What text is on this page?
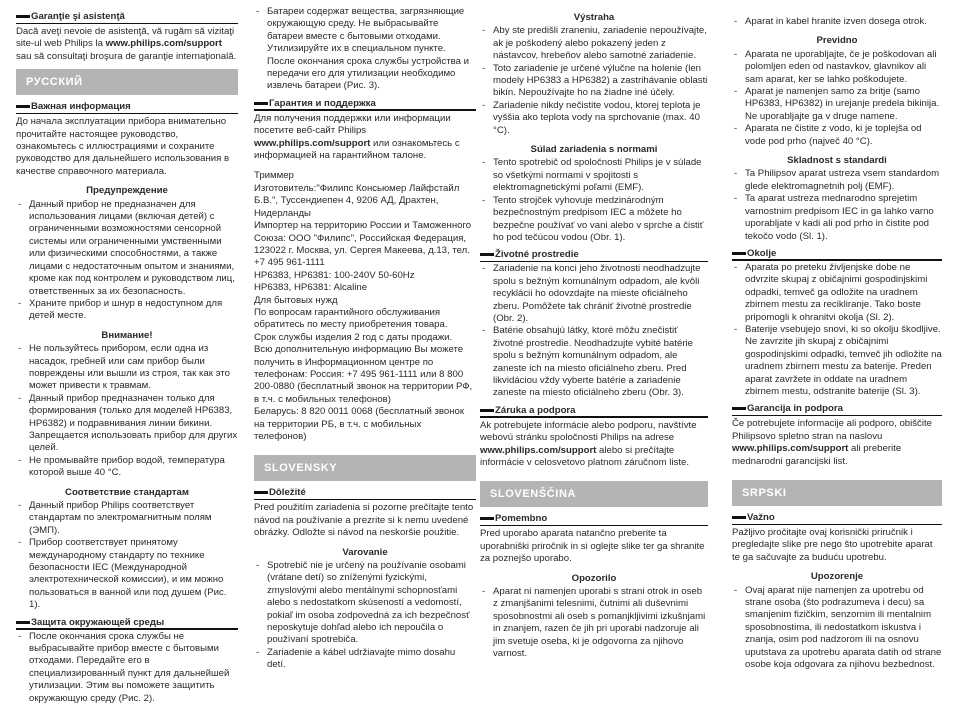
Garanţie şi asistenţă
Dacă aveţi nevoie de asistenţă, vă rugăm să vizitaţi site-ul web Philips la www.philips.com/support sau să consultaţi broşura de garanţie internaţională.
РУССКИЙ
Важная информация
До начала эксплуатации прибора внимательно прочитайте настоящее руководство, ознакомьтесь с иллюстрациями и сохраните руководство для дальнейшего использования в качестве справочного материала.
Предупреждение
- Данный прибор не предназначен для использования лицами (включая детей) с ограниченными возможностями сенсорной системы или ограниченными умственными или физическими способностями, а также лицами с недостаточным опытом и знаниями, кроме как под контролем и руководством лиц, ответственных за их безопасность.
- Храните прибор и шнур в недоступном для детей месте.
Внимание!
- Не пользуйтесь прибором, если одна из насадок, гребней или сам прибор были повреждены или вышли из строя, так как это может привести к травмам.
- Данный прибор предназначен только для формирования (только для моделей HP6383, HP6382) и подравнивания линии бикини. Запрещается использовать прибор для других целей.
- Не промывайте прибор водой, температура которой выше 40 °C.
Соответствие стандартам
- Данный прибор Philips соответствует стандартам по электромагнитным полям (ЭМП).
- Прибор соответствует принятому международному стандарту по технике безопасности IEC (Международной электротехнической комиссии), и им можно пользоваться в ванной или под душем (Рис. 1).
Защита окружающей среды
- После окончания срока службы не выбрасывайте прибор вместе с бытовыми отходами. Передайте его в специализированный пункт для дальнейшей утилизации. Этим вы поможете защитить окружающую среду (Рис. 2).
- Батареи содержат вещества, загрязняющие окружающую среду. Не выбрасывайте батареи вместе с бытовыми отходами. Утилизируйте их в специальном пункте. После окончания срока службы устройства и передачи его для утилизации необходимо извлечь батареи (Рис. 3).
Гарантия и поддержка
Для получения поддержки или информации посетите веб-сайт Philips www.philips.com/support или ознакомьтесь с информацией на гарантийном талоне.
Триммер
Изготовитель:"Филипс Консьюмер Лайфстайл Б.В.", Туссендиепен 4, 9206 АД, Драхтен, Нидерланды
Импортер на территорию России и Таможенного Союза: ООО "Филипс", Российская Федерация, 123022 г. Москва, ул. Сергея Макеева, д.13, тел. +7 495 961-1111
HP6383, HP6381: 100-240V 50-60Hz
HP6383, HP6381: Alcaline
Для бытовых нужд
По вопросам гарантийного обслуживания обратитесь по месту приобретения товара.
Срок службы изделия 2 год с даты продажи.
Всю дополнительную информацию Вы можете получить в Информационном центре по телефонам: Россия: +7 495 961-1111 или 8 800 200-0880 (бесплатный звонок на территории РФ, в т.ч. с мобильных телефонов)
Беларусь: 8 820 0011 0068 (бесплатный звонок на территории РБ, в т.ч. с мобильных телефонов)
SLOVENSKY
Dôležité
Pred použitím zariadenia si pozorne prečítajte tento návod na používanie a prezrite si k nemu uvedené obrázky. Odložte si návod na neskoršie použitie.
Varovanie
- Spotrebič nie je určený na používanie osobami (vrátane detí) so zníženými fyzickými, zmyslovými alebo mentálnymi schopnosťami alebo s nedostatkom skúseností a vedomostí, pokiaľ im osoba zodpovedná za ich bezpečnosť neposkytuje dohľad alebo ich nepoučila o používaní spotrebiča.
- Zariadenie a kábel udržiavajte mimo dosahu detí.
Výstraha
- Aby ste predišli zraneniu, zariadenie nepoužívajte, ak je poškodený alebo pokazený jeden z nástavcov, hrebeňov alebo samotné zariadenie.
- Toto zariadenie je určené výlučne na holenie (len modely HP6383 a HP6382) a zastrihávanie oblasti bikín. Nepoužívajte ho na žiadne iné účely.
- Zariadenie nikdy nečistite vodou, ktorej teplota je vyššia ako teplota vody na sprchovanie (max. 40 °C).
Súlad zariadenia s normami
- Tento spotrebič od spoločnosti Philips je v súlade so všetkými normami v spojitosti s elektromagnetickými poľami (EMF).
- Tento strojček vyhovuje medzinárodným bezpečnostným predpisom IEC a môžete ho bezpečne používať vo vani alebo v sprche a čistiť ho pod tečúcou vodou (Obr. 1).
Životné prostredie
- Zariadenie na konci jeho životnosti neodhadzujte spolu s bežným komunálnym odpadom, ale kvôli recyklácii ho odovzdajte na mieste oficiálneho zberu. Pomôžete tak chrániť životné prostredie (Obr. 2).
- Batérie obsahujú látky, ktoré môžu znečistiť životné prostredie. Neodhadzujte vybité batérie spolu s bežným komunálnym odpadom, ale zaneste ich na miesto oficiálneho zberu. Pred likvidáciou vždy vyberte batérie a zariadenie zaneste na miesto oficiálneho zberu (Obr. 3).
Záruka a podpora
Ak potrebujete informácie alebo podporu, navštívte webovú stránku spoločnosti Philips na adrese www.philips.com/support alebo si prečítajte informácie v celosvetovo platnom záručnom liste.
SLOVENŠČINA
Pomembno
Pred uporabo aparata natančno preberite ta uporabniški priročnik in si oglejte slike ter ga shranite za poznejšo uporabo.
Opozorilo
- Aparat ni namenjen uporabi s strani otrok in oseb z zmanjšanimi telesnimi, čutnimi ali duševnimi sposobnostmi ali oseb s pomanjkljivimi izkušnjami in znanjem, razen če jih pri uporabi nadzoruje ali jim svetuje oseba, ki je odgovorna za njihovo varnost.
- Aparat in kabel hranite izven dosega otrok.
Previdno
- Aparata ne uporabljajte, če je poškodovan ali polomljen eden od nastavkov, glavnikov ali sam aparat, ker se lahko poškodujete.
- Aparat je namenjen samo za britje (samo HP6383, HP6382) in urejanje predela bikinija. Ne uporabljajte ga v druge namene.
- Aparata ne čistite z vodo, ki je toplejša od vode pod prho (največ 40 °C).
Skladnost s standardi
- Ta Philipsov aparat ustreza vsem standardom glede elektromagnetnih polj (EMF).
- Ta aparat ustreza mednarodno sprejetim varnostnim predpisom IEC in ga lahko varno uporabljate v kadi ali pod prho in čistite pod tekočo vodo (Sl. 1).
Okolje
- Aparata po preteku življenjske dobe ne odvrzite skupaj z običajnimi gospodinjskimi odpadki, temveč ga odložite na uradnem zbirnem mestu za recikliranje. Tako boste pripomogli k ohranitvi okolja (Sl. 2).
- Baterije vsebujejo snovi, ki so okolju škodljive. Ne zavrzite jih skupaj z običajnimi gospodinjskimi odpadki, temveč jih odložite na uradnem zbirnem mestu za baterije. Preden aparat zavržete in oddate na uradnem zbirnem mestu, odstranite baterije (Sl. 3).
Garancija in podpora
Če potrebujete informacije ali podporo, obiščite Philipsovo spletno stran na naslovu www.philips.com/support ali preberite mednarodni garancijski list.
SRPSKI
Važno
Pažljivo pročitajte ovaj korisnički priručnik i pregledajte slike pre nego što upotrebite aparat te ga sačuvajte za buduću upotrebu.
Upozorenje
- Ovaj aparat nije namenjen za upotrebu od strane osoba (što podrazumeva i decu) sa smanjenim fizičkim, senzornim ili mentalnim sposobnostima, ili nedostatkom iskustva i znanja, osim pod nadzorom ili na osnovu uputstava za upotrebu aparata datih od strane osobe koja odgovara za njihovu bezbednost.
